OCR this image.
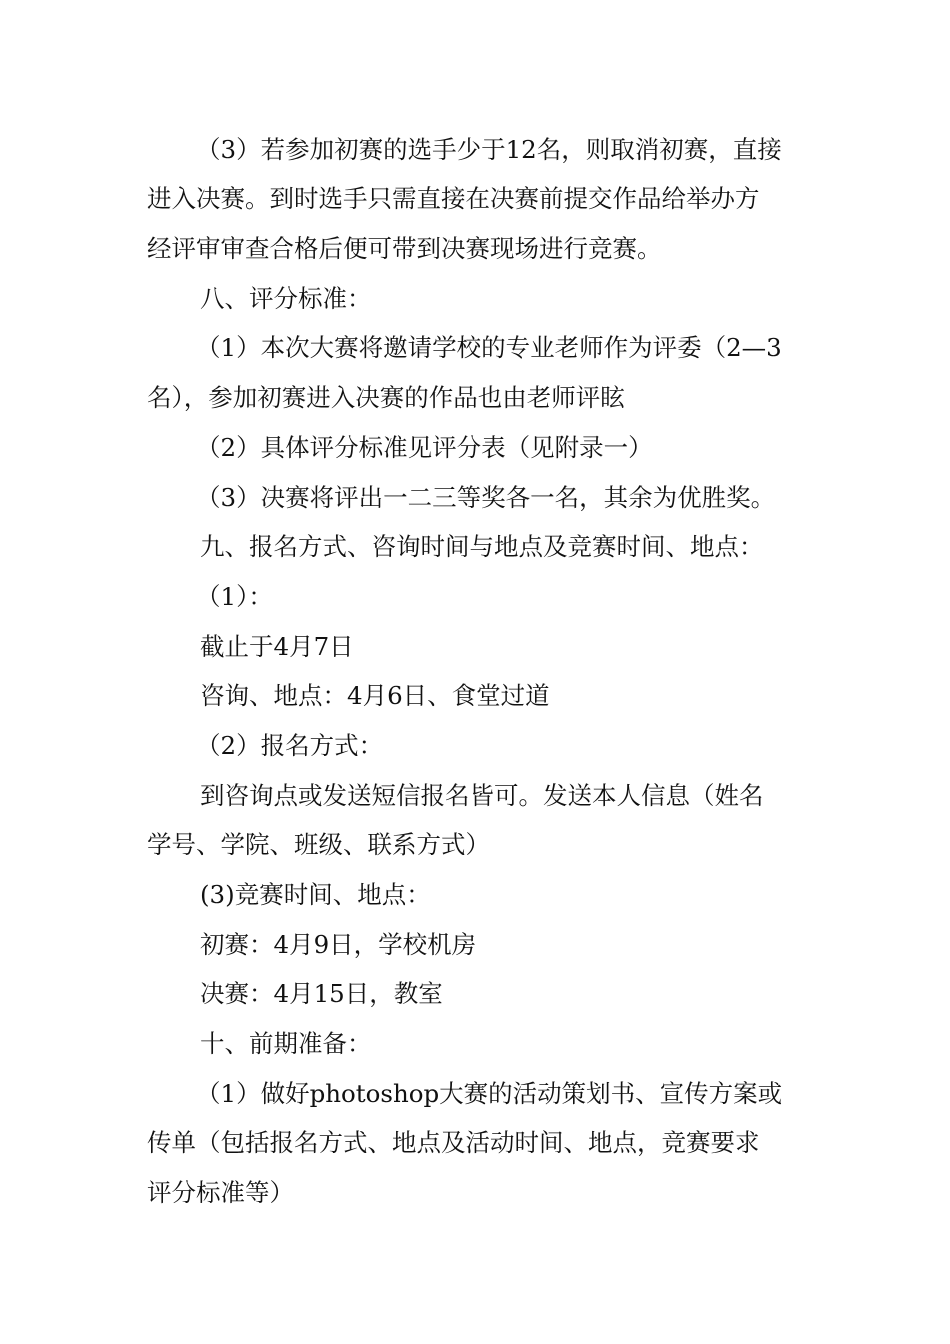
（3）若参加初赛的选手少于12名，则取消初赛，直接
进入决赛。到时选手只需直接在决赛前提交作品给举办方
经评审审查合格后便可带到决赛现场进行竞赛。
八、评分标准：
（1）本次大赛将邀请学校的专业老师作为评委（2—3
名），参加初赛进入决赛的作品也由老师评眩
（2）具体评分标准见评分表（见附录一）
（3）决赛将评出一二三等奖各一名，其余为优胜奖。
九、报名方式、咨询时间与地点及竞赛时间、地点：
（1）：
截止于4月7日
咨询、地点：4月6日、食堂过道
（2）报名方式：
到咨询点或发送短信报名皆可。发送本人信息（姓名
学号、学院、班级、联系方式）
(3)竞赛时间、地点：
初赛：4月9日，学校机房
决赛：4月15日，教室
十、前期准备：
（1）做好photoshop大赛的活动策划书、宣传方案或
传单（包括报名方式、地点及活动时间、地点，竞赛要求
评分标准等）
